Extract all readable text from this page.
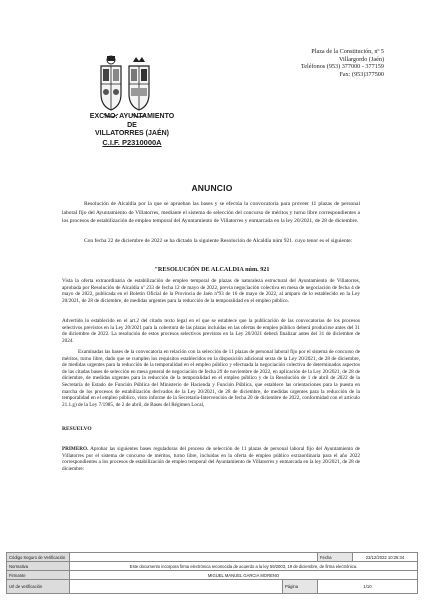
EXCMO. AYUNTAMIENTO
DE
VILLATORRES (JAÉN)
C.I.F. P2310000A
Plaza de la Constitución, nº 5
Villargordo (Jaén)
Teléfonos (953) 377000 - 377159
Fax: (953)377500
ANUNCIO
Resolución de Alcaldía por la que se aprueban las bases y se efectúa la convocatoria para proveer 11 plazas de personal laboral fijo del Ayuntamiento de Villatorres, mediante el sistema de selección del concurso de méritos y turno libre correspondientes a los procesos de estabilización de empleo temporal del Ayuntamiento de Villatorres y enmarcada en la ley 20/2021, de 28 de diciembre.
Con fecha 22 de diciembre de 2022 se ha dictado la siguiente Resolución de Alcaldía núm 921. cuyo tenor es el siguiente:
"RESOLUCIÓN DE ALCALDIA núm. 921
Vista la oferta extraordinaria de estabilización de empleo temporal de plazas de naturaleza estructural del Ayuntamiento de Villatorres, aprobada por Resolución de Alcaldía nº 233 de fecha 12 de mayo de 2022, previa negociación colectiva en mesa de negociación de fecha 4 de mayo de 2022, publicada en el Boletín Oficial de la Provincia de Jaén nº93 de 16 de mayo de 2022, al amparo de lo establecido en la Ley 20/2021, de 28 de diciembre, de medidas urgentes para la reducción de la temporalidad en el empleo público.
Advertido lo establecido en el art.2 del citado texto legal en el que se establece que la publicación de las convocatorias de los procesos selectivos previstos en la Ley 20/2021 para la cobertura de las plazas incluidas en las ofertas de empleo público deberá producirse antes del 31 de diciembre de 2022. La resolución de estos procesos selectivos previstos en la Ley 20/2021 deberá finalizar antes del 31 de diciembre de 2024.
Examinadas las bases de la convocatoria en relación con la selección de 11 plazas de personal laboral fijo por el sistema de concurso de méritos, turno libre, dado que se cumplen los requisitos establecidos en la disposición adicional sexta de la Ley 20/2021, de 28 de diciembre, de medidas urgentes para la reducción de la temporalidad en el empleo público y efectuada la negociación colectiva de determinados aspectos de las citadas bases de selección en mesa general de negociación de fecha 29 de noviembre de 2022, en aplicación de la Ley 20/2021, de 28 de diciembre, de medidas urgentes para la reducción de la temporalidad en el empleo público y de la Resolución de 1 de abril de 2022 de la Secretaría de Estado de Función Pública del Ministerio de Hacienda y Función Pública, que establece las orientaciones para la puesta en marcha de los procesos de estabilización derivados de la Ley 20/2021, de 28 de diciembre, de medidas urgentes para la reducción de la temporalidad en el empleo público, visto informe de la Secretaría-Intervención de fecha 20 de diciembre de 2022, conformidad con el artículo 21.1.g) de la Ley 7/1985, de 2 de abril, de Bases del Régimen Local,
RESUELVO
PRIMERO. Aprobar las siguientes bases reguladoras del proceso de selección de 11 plazas de personal laboral fijo del Ayuntamiento de Villatorres por el sistema de concurso de méritos, turno libre, incluidas en la oferta de empleo público extraordinaria para el año 2022 correspondientes a los procesos de estabilización de empleo temporal del Ayuntamiento de Villatorres y enmarcada en la ley 20/2021, de 28 de diciembre:
Código Seguro de Verificación			Fecha	23/12/2022 10:25:34
Normativa	Este documento incorpora firma electrónica reconocida de acuerdo a la ley 59/2003, 19 de diciembre, de firma electrónica.			
Firmante	MIGUEL MANUEL GARCIA MORENO			
Url de verificación		Página	1/10	
